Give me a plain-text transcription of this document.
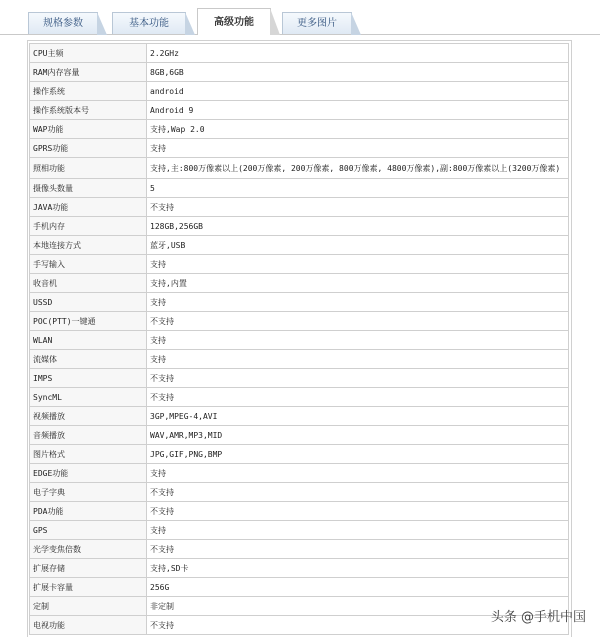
规格参数	基本功能	高级功能	更多图片
CPU主频	2.2GHz
RAM内存容量	8GB,6GB
操作系统	android
操作系统版本号	Android 9
WAP功能	支持,Wap 2.0
GPRS功能	支持
照相功能	支持,主:800万像素以上(200万像素, 200万像素, 800万像素, 4800万像素),副:800万像素以上(3200万像素)
摄像头数量	5
JAVA功能	不支持
手机内存	128GB,256GB
本地连接方式	蓝牙,USB
手写输入	支持
收音机	支持,内置
USSD	支持
POC(PTT)一键通	不支持
WLAN	支持
流媒体	支持
IMPS	不支持
SyncML	不支持
视频播放	3GP,MPEG-4,AVI
音频播放	WAV,AMR,MP3,MID
图片格式	JPG,GIF,PNG,BMP
EDGE功能	支持
电子字典	不支持
PDA功能	不支持
GPS	支持
光学变焦倍数	不支持
扩展存储	支持,SD卡
扩展卡容量	256G
定制	非定制
电视功能	不支持	头条 @手机中国
